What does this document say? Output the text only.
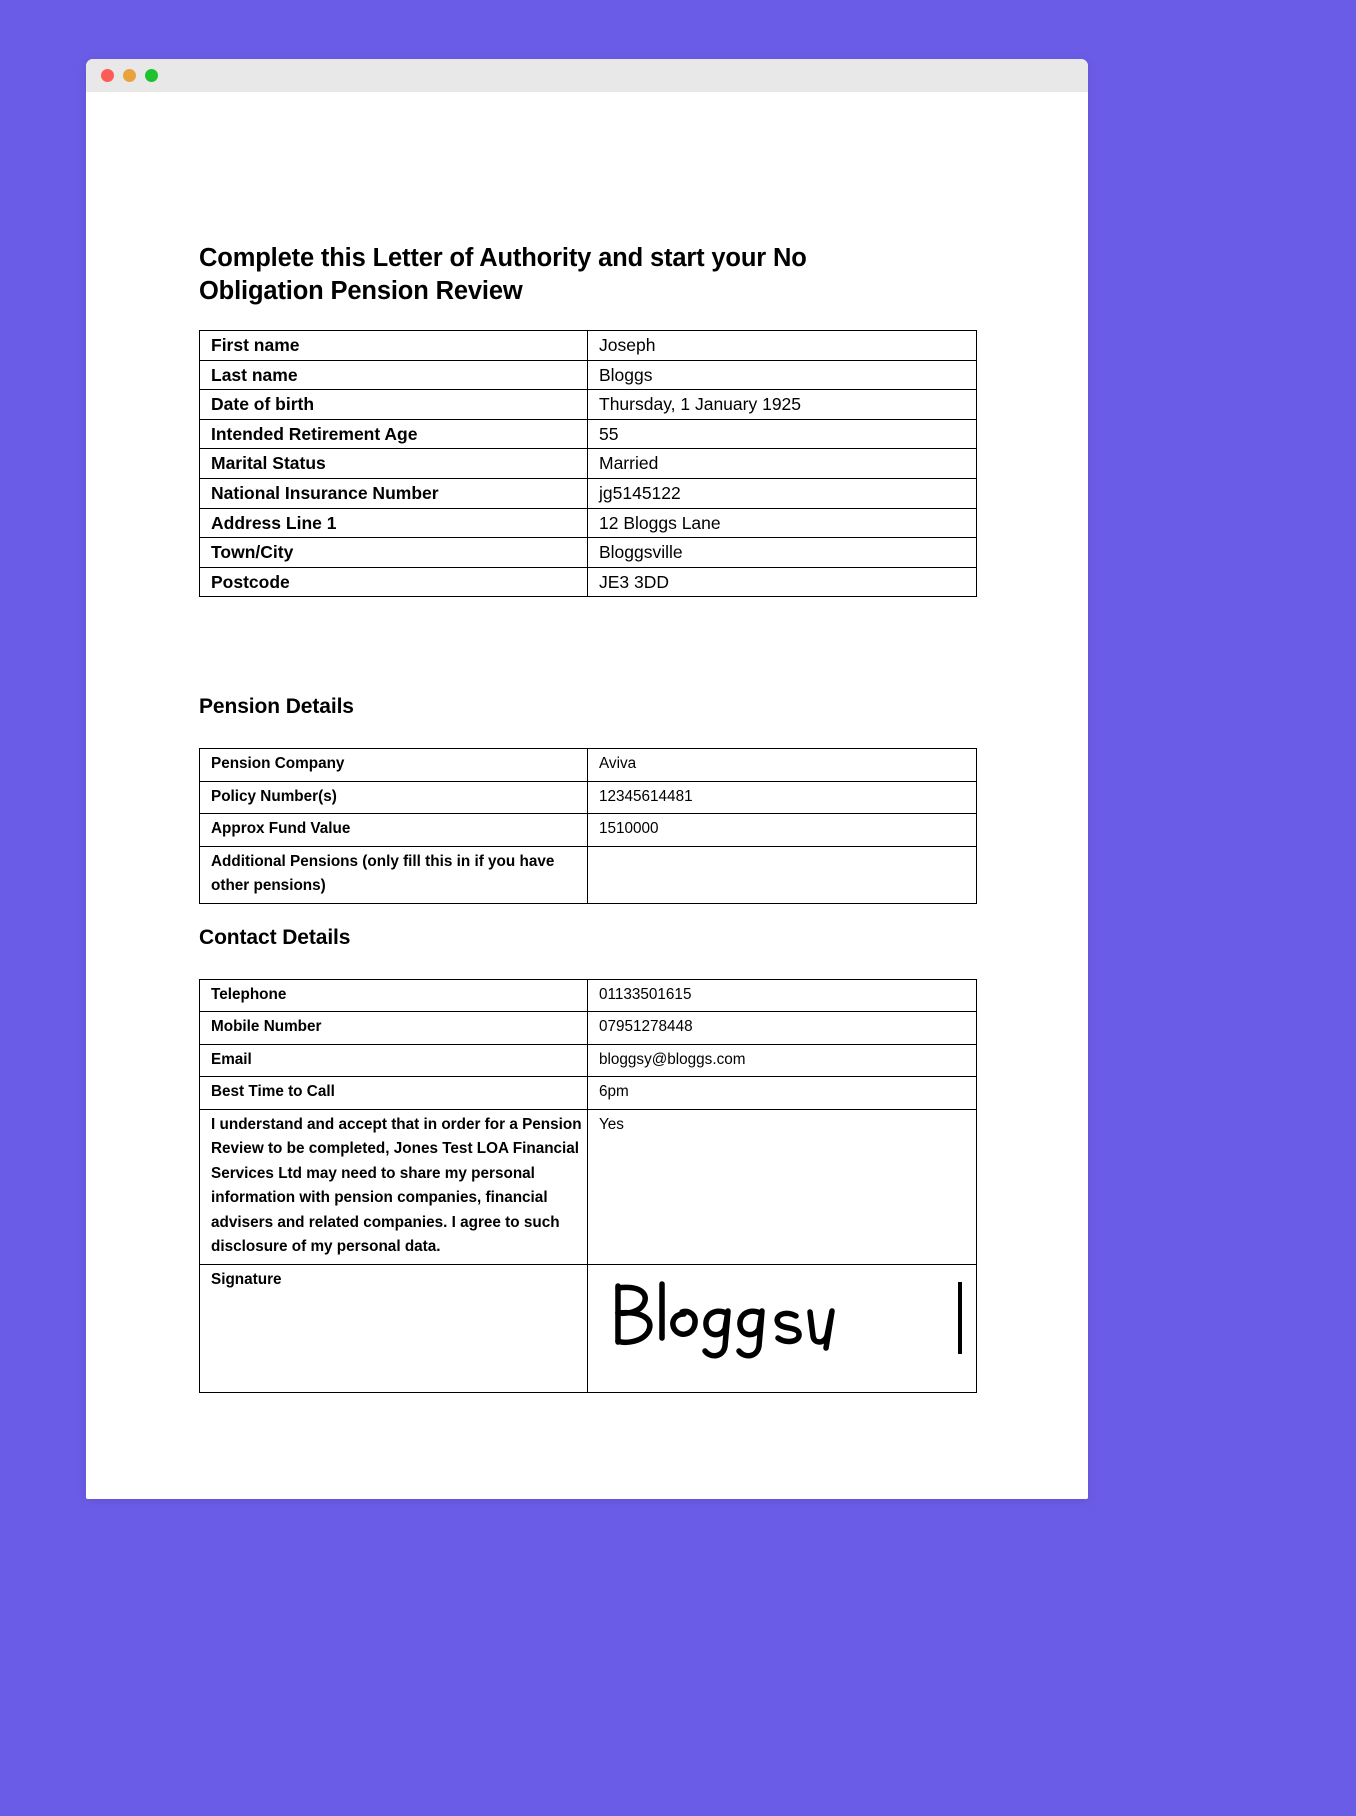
Complete this Letter of Authority and start your No Obligation Pension Review
First name	Joseph
Last name	Bloggs
Date of birth	Thursday, 1 January 1925
Intended Retirement Age	55
Marital Status	Married
National Insurance Number	jg5145122
Address Line 1	12 Bloggs Lane
Town/City	Bloggsville
Postcode	JE3 3DD
Pension Details
Pension Company	Aviva
Policy Number(s)	12345614481
Approx Fund Value	1510000
Additional Pensions (only fill this in if you have other pensions)	
Contact Details
Telephone	01133501615
Mobile Number	07951278448
Email	bloggsy@bloggs.com
Best Time to Call	6pm
I understand and accept that in order for a Pension Review to be completed, Jones Test LOA Financial Services Ltd may need to share my personal information with pension companies, financial advisers and related companies. I agree to such disclosure of my personal data.	Yes
Signature	
